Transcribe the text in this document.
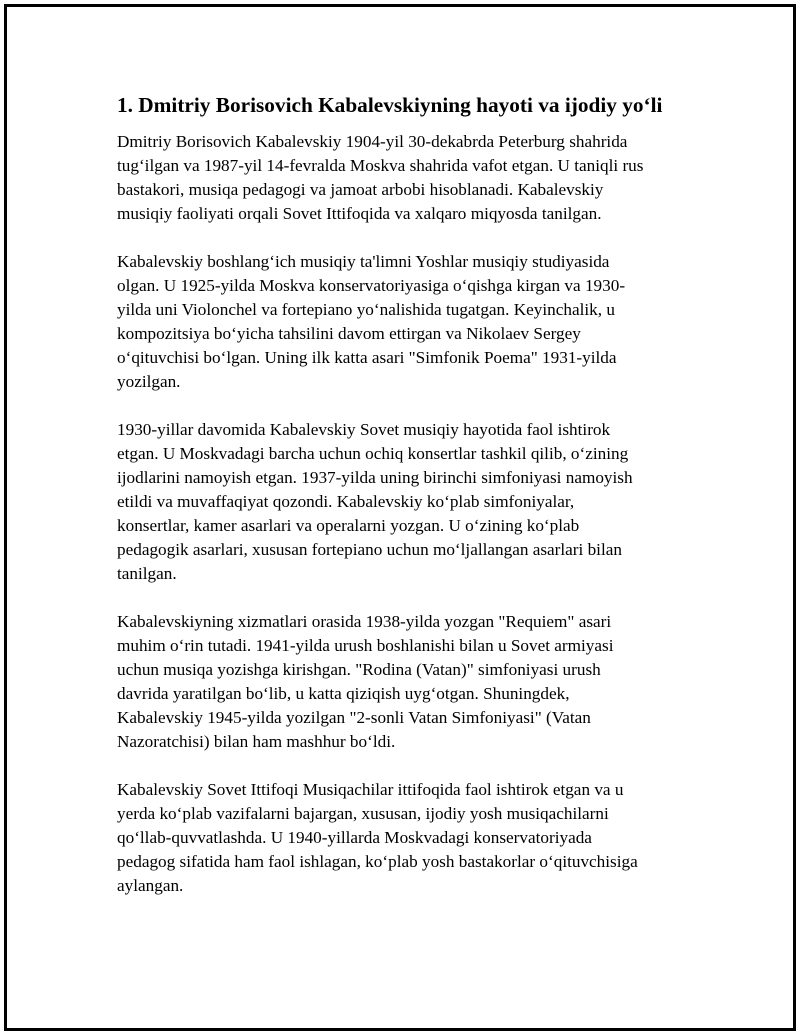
1. Dmitriy Borisovich Kabalevskiyning hayoti va ijodiy yo‘li

Dmitriy Borisovich Kabalevskiy 1904-yil 30-dekabrda Peterburg shahrida
tug‘ilgan va 1987-yil 14-fevralda Moskva shahrida vafot etgan. U taniqli rus
bastakori, musiqa pedagogi va jamoat arbobi hisoblanadi. Kabalevskiy
musiqiy faoliyati orqali Sovet Ittifoqida va xalqaro miqyosda tanilgan.

Kabalevskiy boshlang‘ich musiqiy ta'limni Yoshlar musiqiy studiyasida
olgan. U 1925-yilda Moskva konservatoriyasiga o‘qishga kirgan va 1930-
yilda uni Violonchel va fortepiano yo‘nalishida tugatgan. Keyinchalik, u
kompozitsiya bo‘yicha tahsilini davom ettirgan va Nikolaev Sergey
o‘qituvchisi bo‘lgan. Uning ilk katta asari "Simfonik Poema" 1931-yilda
yozilgan.

1930-yillar davomida Kabalevskiy Sovet musiqiy hayotida faol ishtirok
etgan. U Moskvadagi barcha uchun ochiq konsertlar tashkil qilib, o‘zining
ijodlarini namoyish etgan. 1937-yilda uning birinchi simfoniyasi namoyish
etildi va muvaffaqiyat qozondi. Kabalevskiy ko‘plab simfoniyalar,
konsertlar, kamer asarlari va operalarni yozgan. U o‘zining ko‘plab
pedagogik asarlari, xususan fortepiano uchun mo‘ljallangan asarlari bilan
tanilgan.

Kabalevskiyning xizmatlari orasida 1938-yilda yozgan "Requiem" asari
muhim o‘rin tutadi. 1941-yilda urush boshlanishi bilan u Sovet armiyasi
uchun musiqa yozishga kirishgan. "Rodina (Vatan)" simfoniyasi urush
davrida yaratilgan bo‘lib, u katta qiziqish uyg‘otgan. Shuningdek,
Kabalevskiy 1945-yilda yozilgan "2-sonli Vatan Simfoniyasi" (Vatan
Nazoratchisi) bilan ham mashhur bo‘ldi.

Kabalevskiy Sovet Ittifoqi Musiqachilar ittifoqida faol ishtirok etgan va u
yerda ko‘plab vazifalarni bajargan, xususan, ijodiy yosh musiqachilarni
qo‘llab-quvvatlashda. U 1940-yillarda Moskvadagi konservatoriyada
pedagog sifatida ham faol ishlagan, ko‘plab yosh bastakorlar o‘qituvchisiga
aylangan.
